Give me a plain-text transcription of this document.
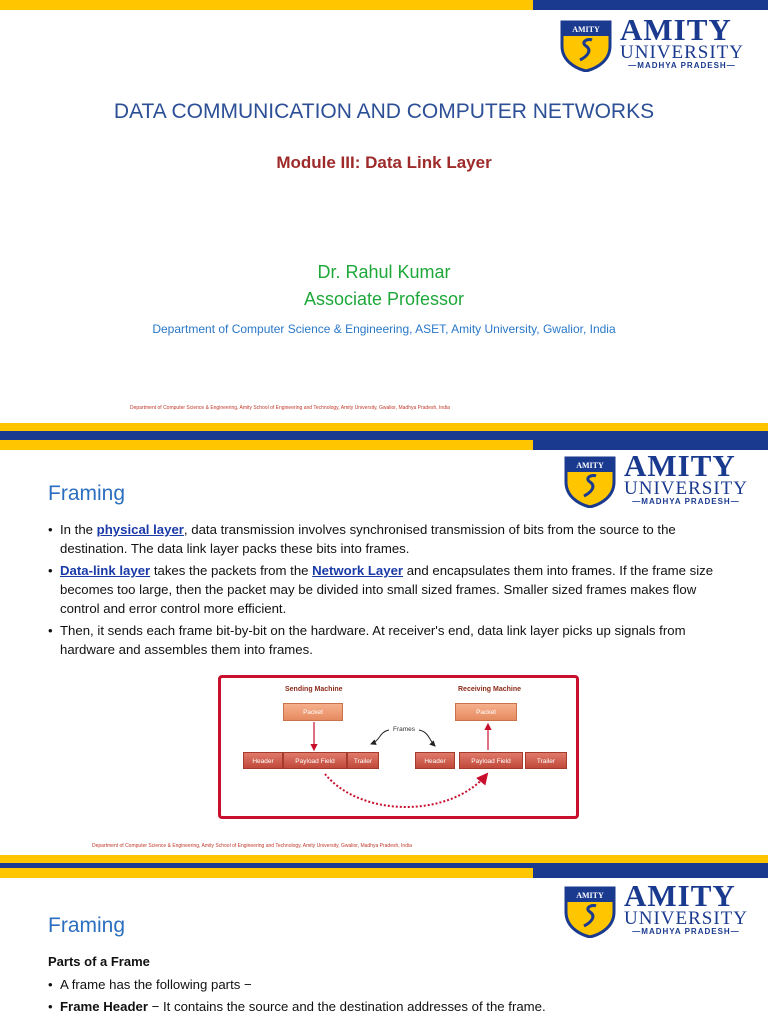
AMITY AMITY
UNIVERSITY
—MADHYA PRADESH—
DATA COMMUNICATION AND COMPUTER NETWORKS
Module III: Data Link Layer
Dr. Rahul Kumar
Associate Professor
Department of Computer Science & Engineering, ASET, Amity University, Gwalior, India
Department of Computer Science & Engineering, Amity School of Engineering and Technology, Amity University, Gwalior, Madhya Pradesh, India
AMITY AMITY
UNIVERSITY
—MADHYA PRADESH—
Framing
• In the physical layer, data transmission involves synchronised transmission of bits from the source to the destination. The data link layer packs these bits into frames.
• Data-link layer takes the packets from the Network Layer and encapsulates them into frames. If the frame size becomes too large, then the packet may be divided into small sized frames. Smaller sized frames makes flow control and error control more efficient.
• Then, it sends each frame bit-by-bit on the hardware. At receiver's end, data link layer picks up signals from hardware and assembles them into frames.
Sending Machine	Receiving Machine
Packet	Packet
Frames
Header	Payload Field	Trailer	Header	Payload Field	Trailer
Department of Computer Science & Engineering, Amity School of Engineering and Technology, Amity University, Gwalior, Madhya Pradesh, India
AMITY AMITY
UNIVERSITY
—MADHYA PRADESH—
Framing
Parts of a Frame
• A frame has the following parts −
• Frame Header − It contains the source and the destination addresses of the frame.
